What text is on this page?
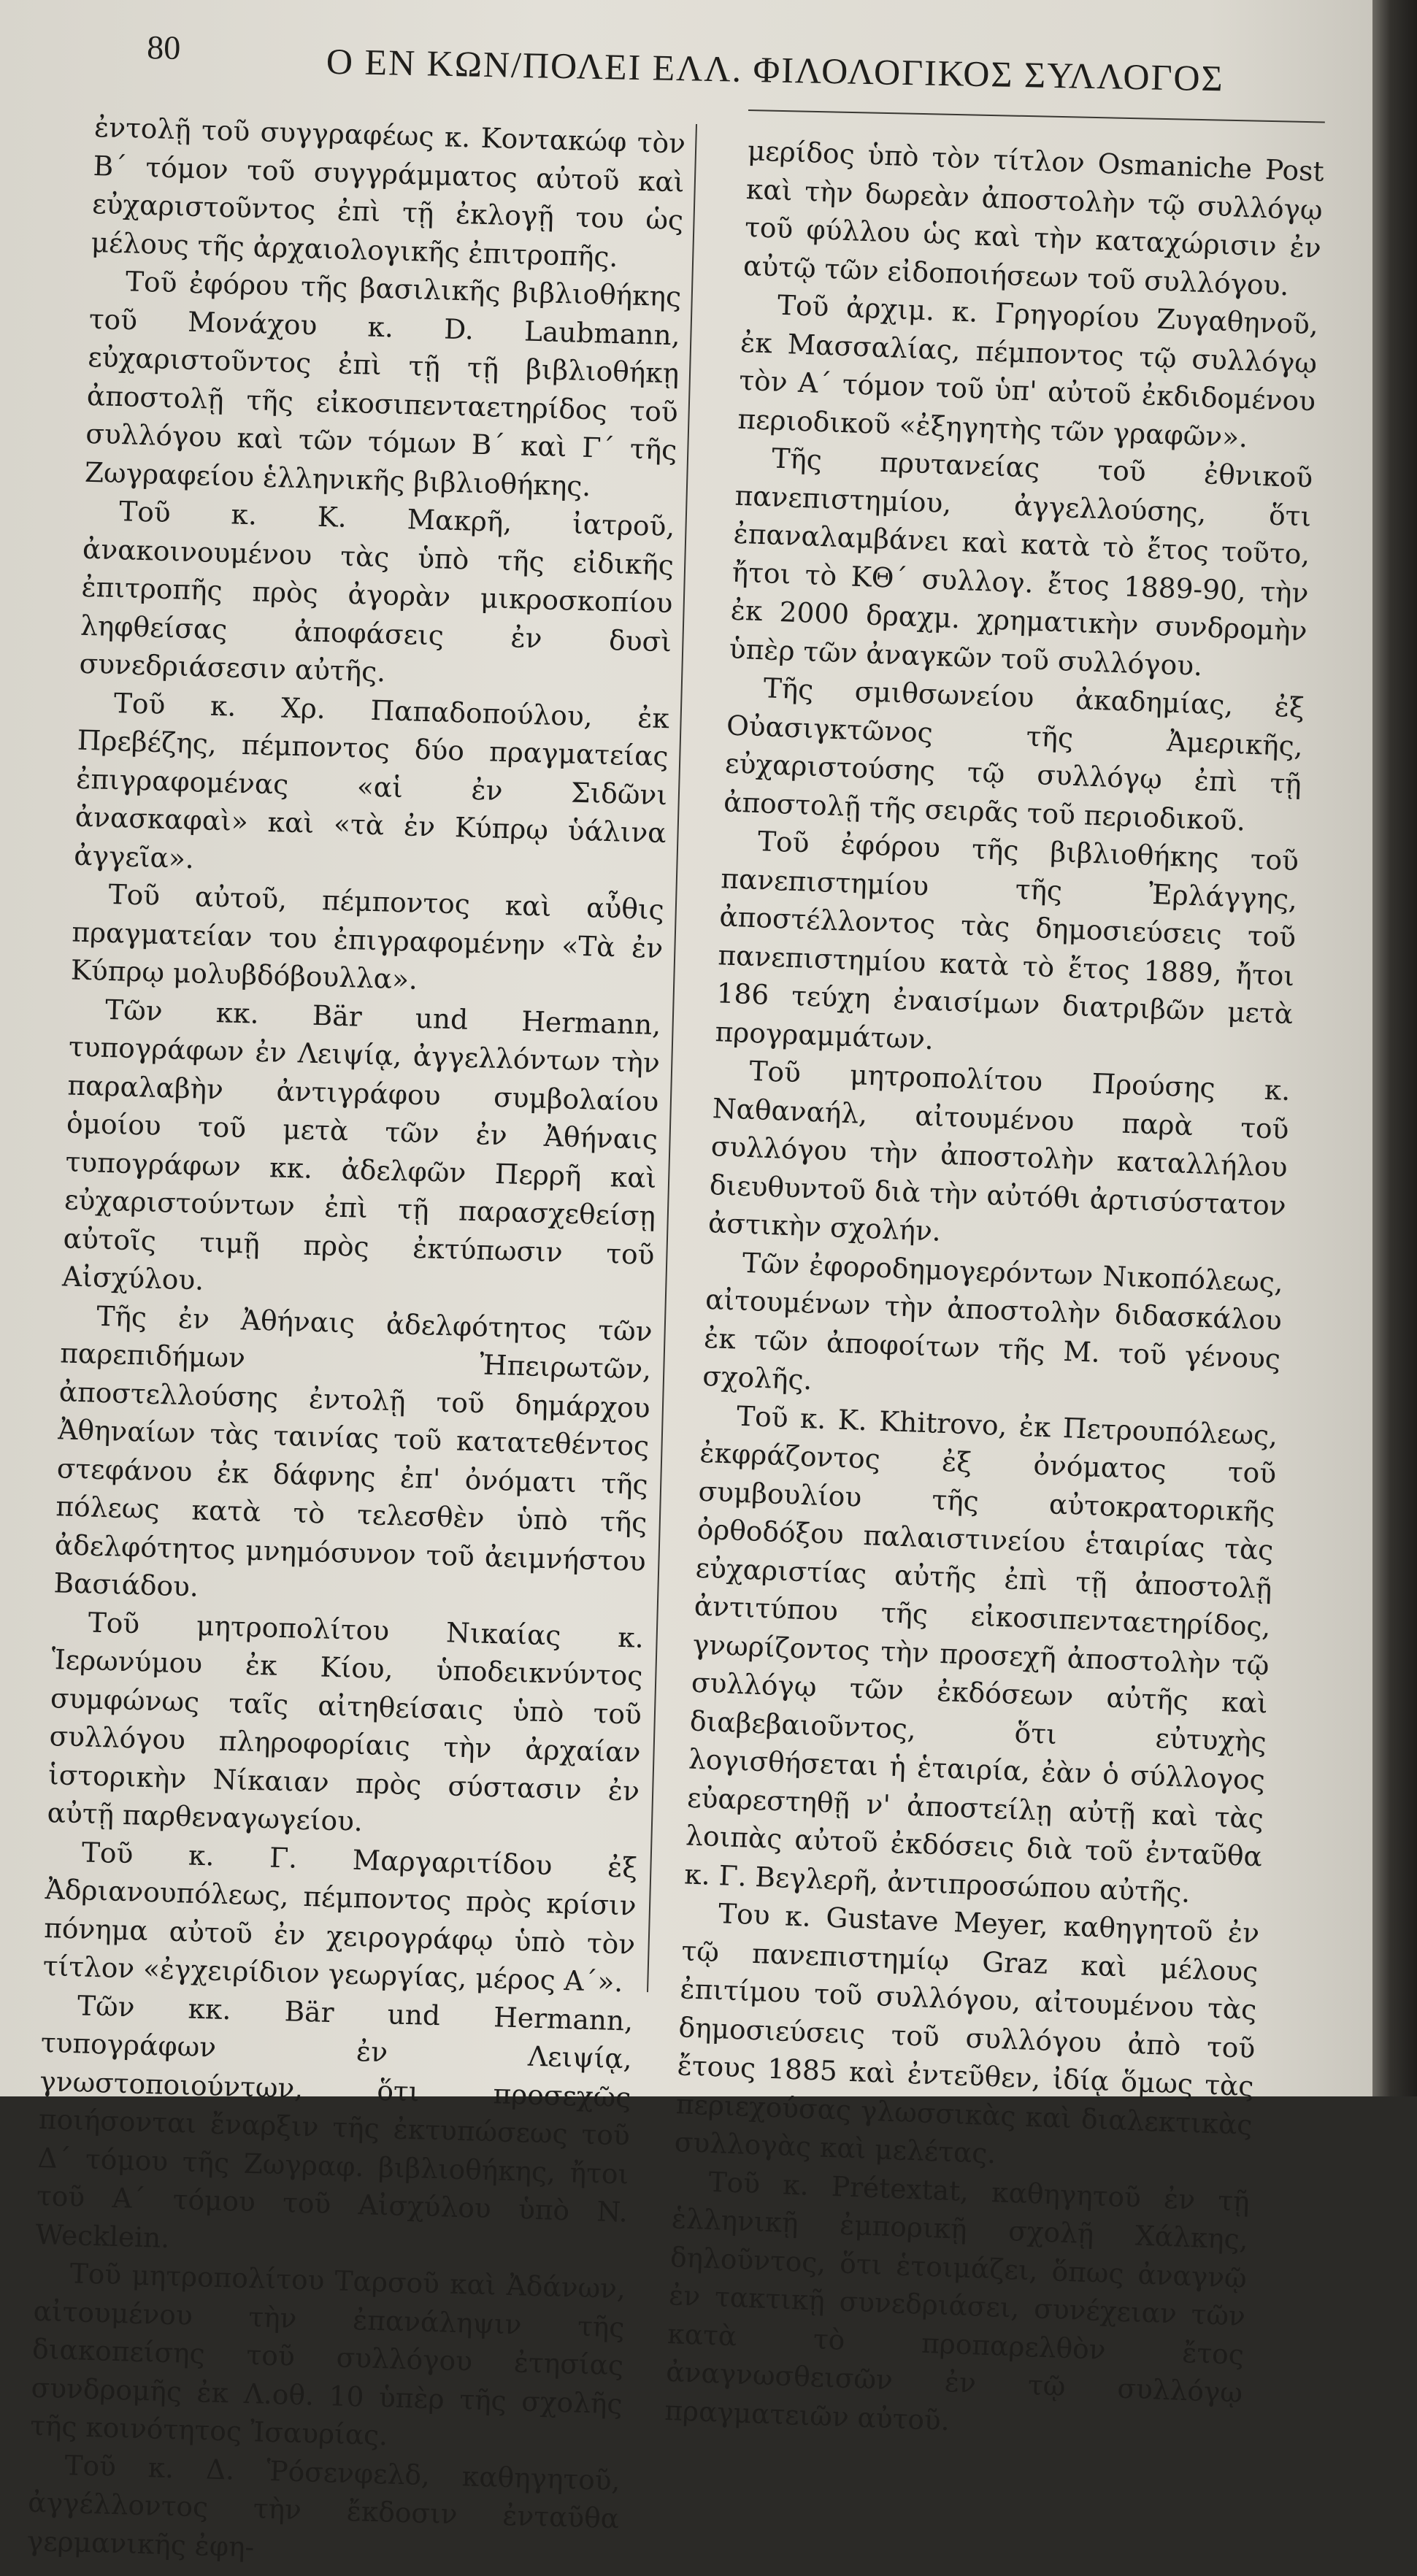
80	Ο ΕΝ ΚΩΝ/ΠΟΛΕΙ ΕΛΛ. ΦΙΛΟΛΟΓΙΚΟΣ ΣΥΛΛΟΓΟΣ

ἐντολῇ τοῦ συγγραφέως κ. Κοντακώφ τὸν Β΄ τόμον τοῦ συγγράμματος αὐτοῦ καὶ εὐχαριστοῦντος ἐπὶ τῇ ἐκλογῇ του ὡς μέλους τῆς ἀρχαιολογικῆς ἐπιτροπῆς.

Τοῦ ἐφόρου τῆς βασιλικῆς βιβλιοθήκης τοῦ Μονάχου κ. D. Laubmann, εὐχαριστοῦντος ἐπὶ τῇ τῇ βιβλιοθήκῃ ἀποστολῇ τῆς εἰκοσιπενταετηρίδος τοῦ συλλόγου καὶ τῶν τόμων Β΄ καὶ Γ΄ τῆς Ζωγραφείου ἑλληνικῆς βιβλιοθήκης.

Τοῦ κ. Κ. Μακρῆ, ἰατροῦ, ἀνακοινουμένου τὰς ὑπὸ τῆς εἰδικῆς ἐπιτροπῆς πρὸς ἀγορὰν μικροσκοπίου ληφθείσας ἀποφάσεις ἐν δυσὶ συνεδριάσεσιν αὐτῆς.

Τοῦ κ. Χρ. Παπαδοπούλου, ἐκ Πρεβέζης, πέμποντος δύο πραγματείας ἐπιγραφομένας «αἱ ἐν Σιδῶνι ἀνασκαφαὶ» καὶ «τὰ ἐν Κύπρῳ ὑάλινα ἀγγεῖα».

Τοῦ αὐτοῦ, πέμποντος καὶ αὖθις πραγματείαν του ἐπιγραφομένην «Τὰ ἐν Κύπρῳ μολυβδόβουλλα».

Τῶν κκ. Bär und Hermann, τυπογράφων ἐν Λειψίᾳ, ἀγγελλόντων τὴν παραλαβὴν ἀντιγράφου συμβολαίου ὁμοίου τοῦ μετὰ τῶν ἐν Ἀθήναις τυπογράφων κκ. ἀδελφῶν Περρῆ καὶ εὐχαριστούντων ἐπὶ τῇ παρασχεθείσῃ αὐτοῖς τιμῇ πρὸς ἐκτύπωσιν τοῦ Αἰσχύλου.

Τῆς ἐν Ἀθήναις ἀδελφότητος τῶν παρεπιδήμων Ἠπειρωτῶν, ἀποστελλούσης ἐντολῇ τοῦ δημάρχου Ἀθηναίων τὰς ταινίας τοῦ κατατεθέντος στεφάνου ἐκ δάφνης ἐπ' ὀνόματι τῆς πόλεως κατὰ τὸ τελεσθὲν ὑπὸ τῆς ἀδελφότητος μνημόσυνον τοῦ ἀειμνήστου Βασιάδου.

Τοῦ μητροπολίτου Νικαίας κ. Ἱερωνύμου ἐκ Κίου, ὑποδεικνύντος συμφώνως ταῖς αἰτηθείσαις ὑπὸ τοῦ συλλόγου πληροφορίαις τὴν ἀρχαίαν ἱστορικὴν Νίκαιαν πρὸς σύστασιν ἐν αὐτῇ παρθεναγωγείου.

Τοῦ κ. Γ. Μαργαριτίδου ἐξ Ἀδριανουπόλεως, πέμποντος πρὸς κρίσιν πόνημα αὐτοῦ ἐν χειρογράφῳ ὑπὸ τὸν τίτλον «ἐγχειρίδιον γεωργίας, μέρος Α΄».

Τῶν κκ. Bär und Hermann, τυπογράφων ἐν Λειψίᾳ, γνωστοποιούντων, ὅτι προσεχῶς ποιήσονται ἔναρξιν τῆς ἐκτυπώσεως τοῦ Δ΄ τόμου τῆς Ζωγραφ. βιβλιοθήκης, ἤτοι τοῦ Α΄ τόμου τοῦ Αἰσχύλου ὑπὸ N. Wecklein.

Τοῦ μητροπολίτου Ταρσοῦ καὶ Ἀδάνων, αἰτουμένου τὴν ἐπανάληψιν τῆς διακοπείσης τοῦ συλλόγου ἐτησίας συνδρομῆς ἐκ Λ.οθ. 10 ὑπὲρ τῆς σχολῆς τῆς κοινότητος Ἰσαυρίας.

Τοῦ κ. Δ. Ῥόσενφελδ, καθηγητοῦ, ἀγγέλλοντος τὴν ἔκδοσιν ἐνταῦθα γερμανικῆς ἐφη-

μερίδος ὑπὸ τὸν τίτλον Osmaniche Post καὶ τὴν δωρεὰν ἀποστολὴν τῷ συλλόγῳ τοῦ φύλλου ὡς καὶ τὴν καταχώρισιν ἐν αὐτῷ τῶν εἰδοποιήσεων τοῦ συλλόγου.

Τοῦ ἀρχιμ. κ. Γρηγορίου Ζυγαθηνοῦ, ἐκ Μασσαλίας, πέμποντος τῷ συλλόγῳ τὸν Α΄ τόμον τοῦ ὑπ' αὐτοῦ ἐκδιδομένου περιοδικοῦ «ἐξηγητὴς τῶν γραφῶν».

Τῆς πρυτανείας τοῦ ἐθνικοῦ πανεπιστημίου, ἀγγελλούσης, ὅτι ἐπαναλαμβάνει καὶ κατὰ τὸ ἔτος τοῦτο, ἤτοι τὸ ΚΘ΄ συλλογ. ἔτος 1889-90, τὴν ἐκ 2000 δραχμ. χρηματικὴν συνδρομὴν ὑπὲρ τῶν ἀναγκῶν τοῦ συλλόγου.

Τῆς σμιθσωνείου ἀκαδημίας, ἐξ Οὐασιγκτῶνος τῆς Ἀμερικῆς, εὐχαριστούσης τῷ συλλόγῳ ἐπὶ τῇ ἀποστολῇ τῆς σειρᾶς τοῦ περιοδικοῦ.

Τοῦ ἐφόρου τῆς βιβλιοθήκης τοῦ πανεπιστημίου τῆς Ἐρλάγγης, ἀποστέλλοντος τὰς δημοσιεύσεις τοῦ πανεπιστημίου κατὰ τὸ ἔτος 1889, ἤτοι 186 τεύχη ἐναισίμων διατριβῶν μετὰ προγραμμάτων.

Τοῦ μητροπολίτου Προύσης κ. Ναθαναήλ, αἰτουμένου παρὰ τοῦ συλλόγου τὴν ἀποστολὴν καταλλήλου διευθυντοῦ διὰ τὴν αὐτόθι ἀρτισύστατον ἀστικὴν σχολήν.

Τῶν ἐφοροδημογερόντων Νικοπόλεως, αἰτουμένων τὴν ἀποστολὴν διδασκάλου ἐκ τῶν ἀποφοίτων τῆς Μ. τοῦ γένους σχολῆς.

Τοῦ κ. Κ. Khitrovo, ἐκ Πετρουπόλεως, ἐκφράζοντος ἐξ ὀνόματος τοῦ συμβουλίου τῆς αὐτοκρατορικῆς ὀρθοδόξου παλαιστινείου ἑταιρίας τὰς εὐχαριστίας αὐτῆς ἐπὶ τῇ ἀποστολῇ ἀντιτύπου τῆς εἰκοσιπενταετηρίδος, γνωρίζοντος τὴν προσεχῆ ἀποστολὴν τῷ συλλόγῳ τῶν ἐκδόσεων αὐτῆς καὶ διαβεβαιοῦντος, ὅτι εὐτυχὴς λογισθήσεται ἡ ἑταιρία, ἐὰν ὁ σύλλογος εὐαρεστηθῇ ν' ἀποστείλῃ αὐτῇ καὶ τὰς λοιπὰς αὐτοῦ ἐκδόσεις διὰ τοῦ ἐνταῦθα κ. Γ. Βεγλερῆ, ἀντιπροσώπου αὐτῆς.

Του κ. Gustave Meyer, καθηγητοῦ ἐν τῷ πανεπιστημίῳ Graz καὶ μέλους ἐπιτίμου τοῦ συλλόγου, αἰτουμένου τὰς δημοσιεύσεις τοῦ συλλόγου ἀπὸ τοῦ ἔτους 1885 καὶ ἐντεῦθεν, ἰδίᾳ ὅμως τὰς περιεχούσας γλωσσικὰς καὶ διαλεκτικὰς συλλογὰς καὶ μελέτας.

Τοῦ κ. Prétextat, καθηγητοῦ ἐν τῇ ἑλληνικῇ ἐμπορικῇ σχολῇ Χάλκης, δηλοῦντος, ὅτι ἑτοιμάζει, ὅπως ἀναγνῷ ἐν τακτικῇ συνεδριάσει, συνέχειαν τῶν κατὰ τὸ προπαρελθὸν ἔτος ἀναγνωσθεισῶν ἐν τῷ συλλόγῳ πραγματειῶν αὐτοῦ.
